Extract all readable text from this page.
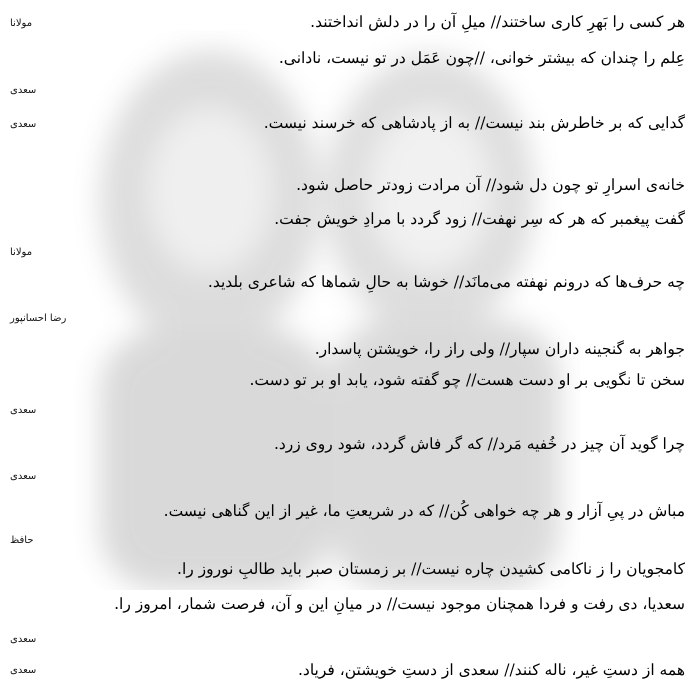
هر کسی را بَهرِ کاری ساختند// میلِ آن را در دلش انداختند.
مولانا
عِلم را چندان که بیشتر خوانی، //چون عَمَل در تو نیست، نادانی.
سعدی
گدایی که بر خاطرش بند نیست// به از پادشاهی که خرسند نیست.
سعدی
خانه‌ی اسرارِ تو چون دل شود// آن مرادت زودتر حاصل شود.
گفت پیغمبر که هر که سِر نهفت// زود گردد با مرادِ خویش جفت.
مولانا
چه حرف‌ها که درونم نهفته می‌مانَد// خوشا به حالِ شماها که شاعری بلدید.
رضا احسانپور
جواهر به گنجینه داران سپار// ولی راز را، خویشتن پاسدار.
سخن تا نگویی بر او دست هست// چو گفته شود، یابد او بر تو دست.
سعدی
چرا گوید آن چیز در خُفیه مَرد// که گر فاش گردد، شود روی زرد.
سعدی
مباش در پیِ آزار و هر چه خواهی کُن// که در شریعتِ ما، غیر از این گناهی نیست.
حافظ
کامجویان را ز ناکامی کشیدن چاره نیست// بر زمستان صبر باید طالبِ نوروز را.
سعدیا، دی رفت و فردا همچنان موجود نیست// در میانِ این و آن، فرصت شمار، امروز را.
سعدی
همه از دستِ غیر، ناله کنند// سعدی از دستِ خویشتن، فریاد.
سعدی
